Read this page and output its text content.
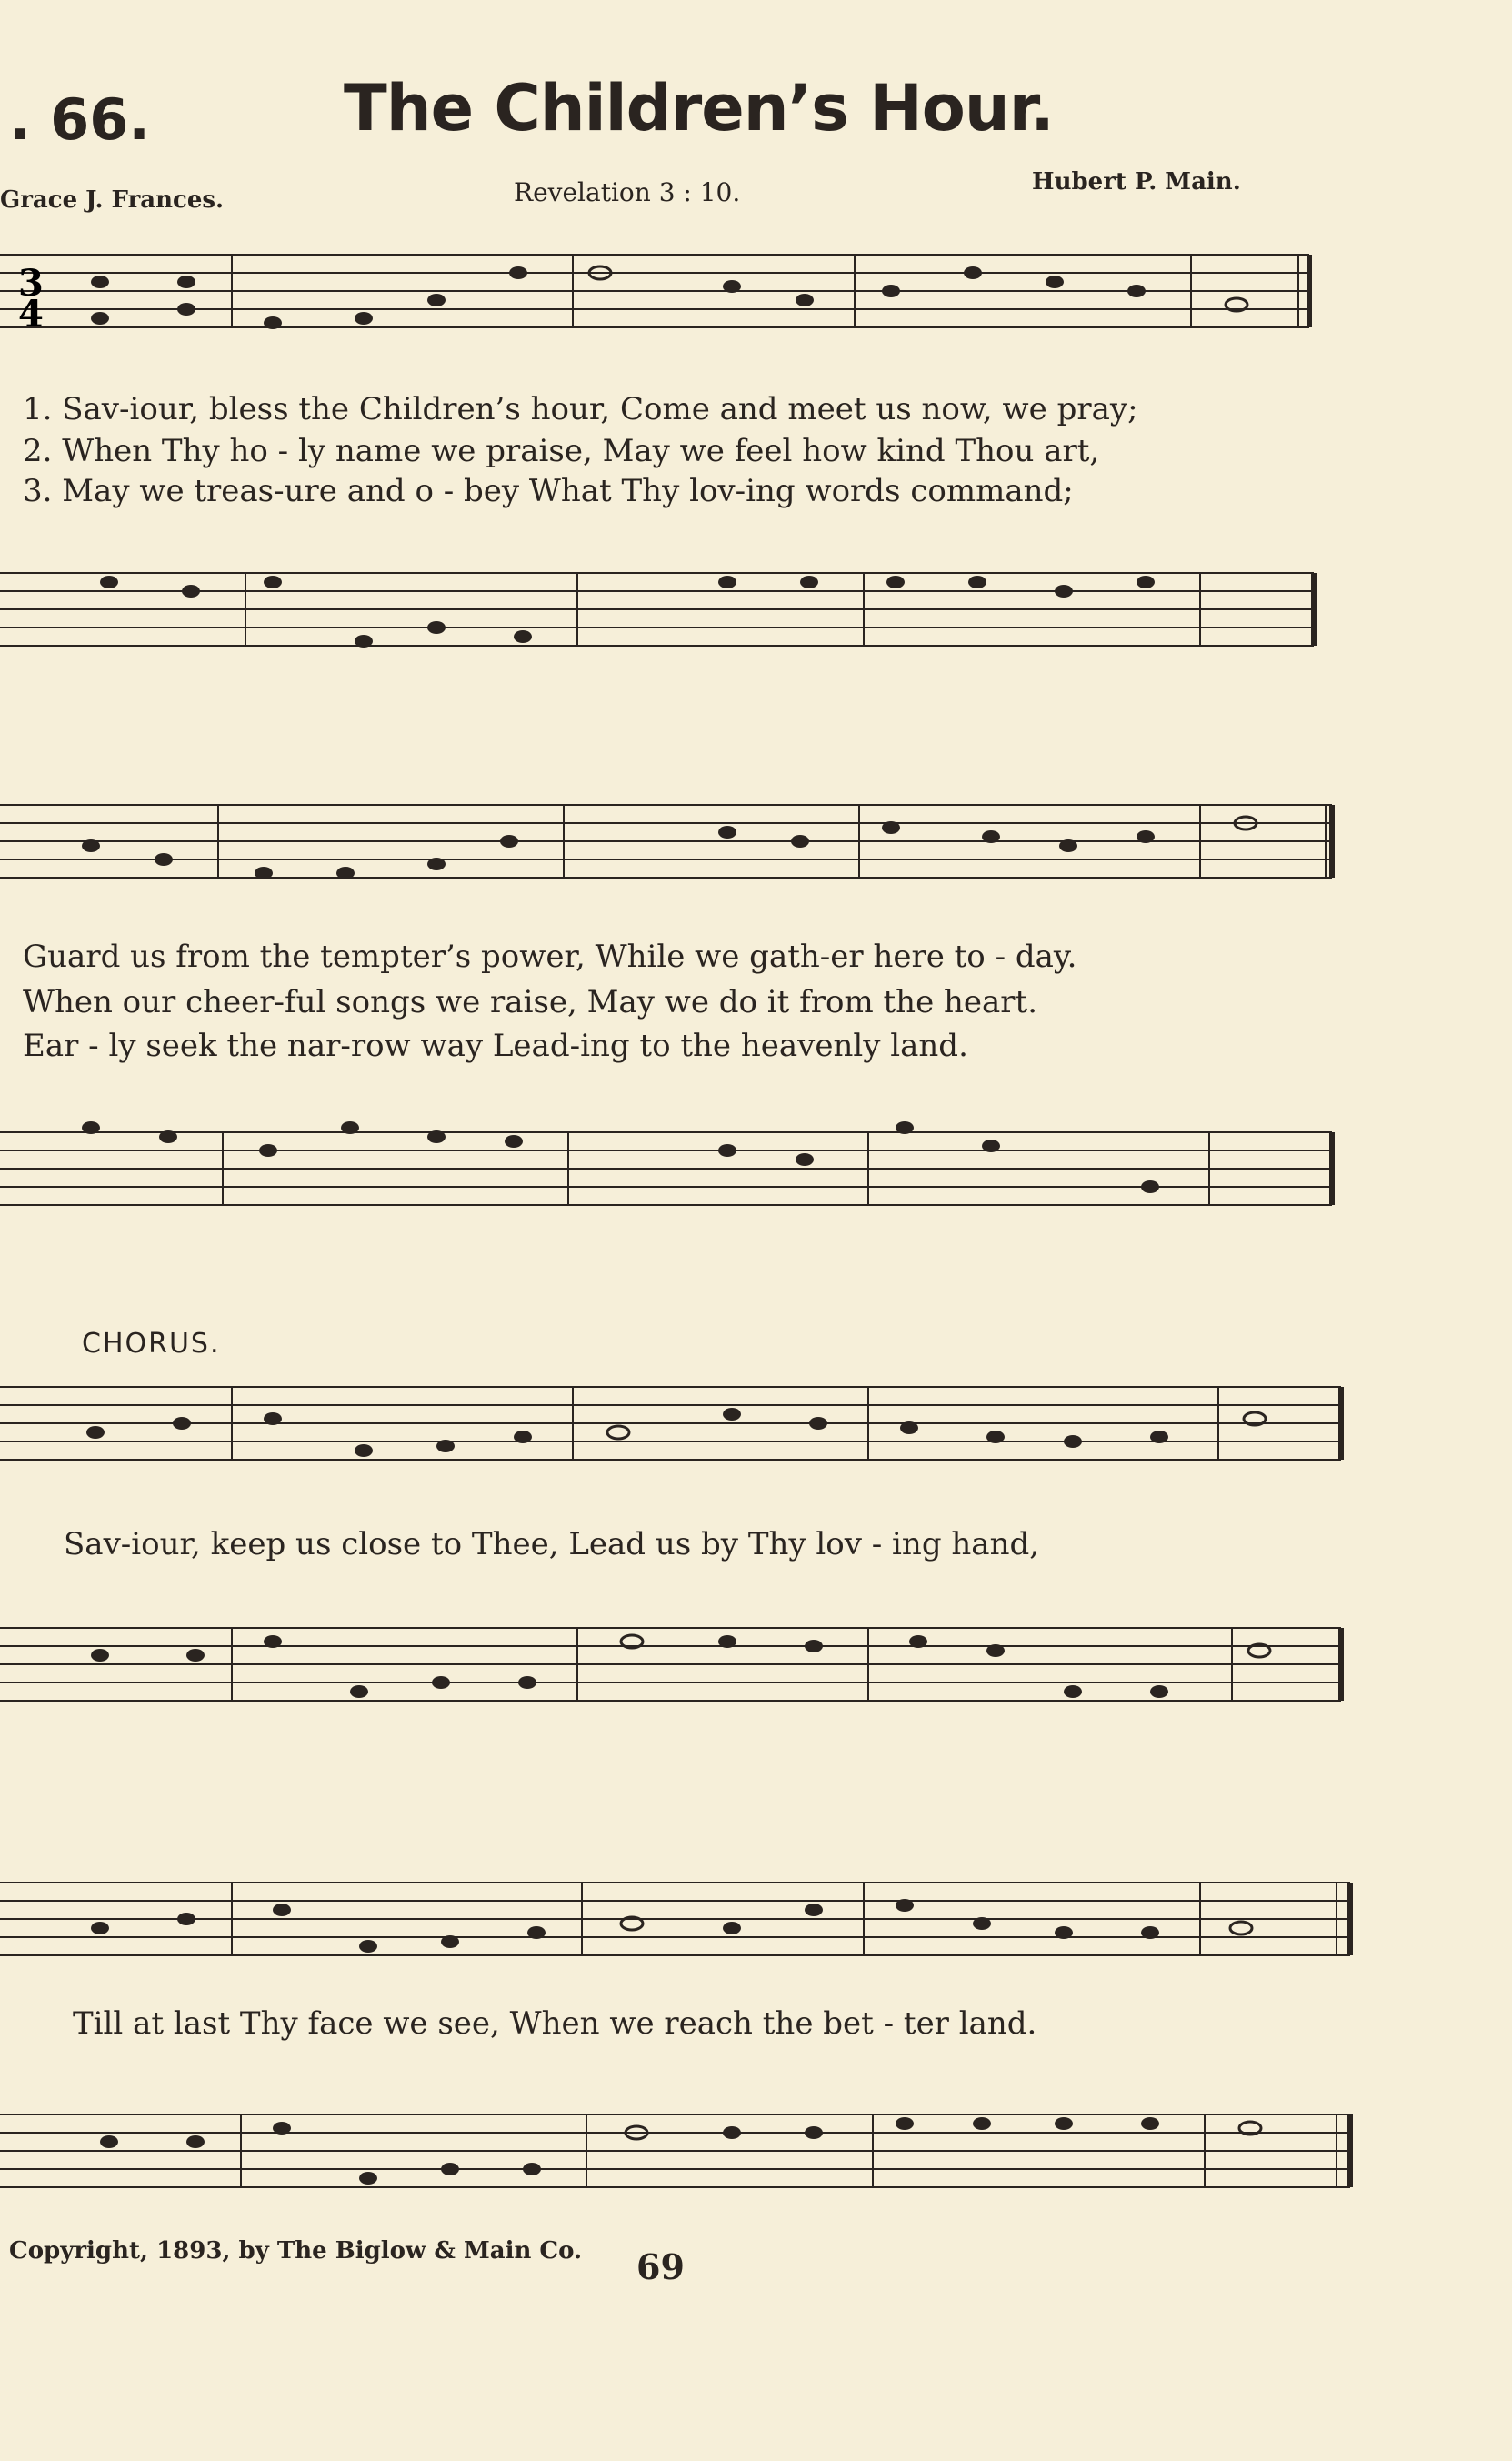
. 66.	The Children’s Hour.
Grace J. Frances.	Revelation 3 : 10.	Hubert P. Main.
3
4
1. Sav-iour, bless the Children’s hour, Come and meet us now, we pray;
2. When Thy ho - ly name we praise, May we feel how kind Thou art,
3. May we treas-ure and o - bey What Thy lov-ing words command;
Guard us from the tempter’s power, While we gath-er here to - day.
When our cheer-ful songs we raise, May we do it from the heart.
Ear - ly seek the nar-row way Lead-ing to the heavenly land.
CHORUS.
Sav-iour, keep us close to Thee, Lead us by Thy lov - ing hand,
Till at last Thy face we see, When we reach the bet - ter land.
Copyright, 1893, by The Biglow & Main Co. 69
